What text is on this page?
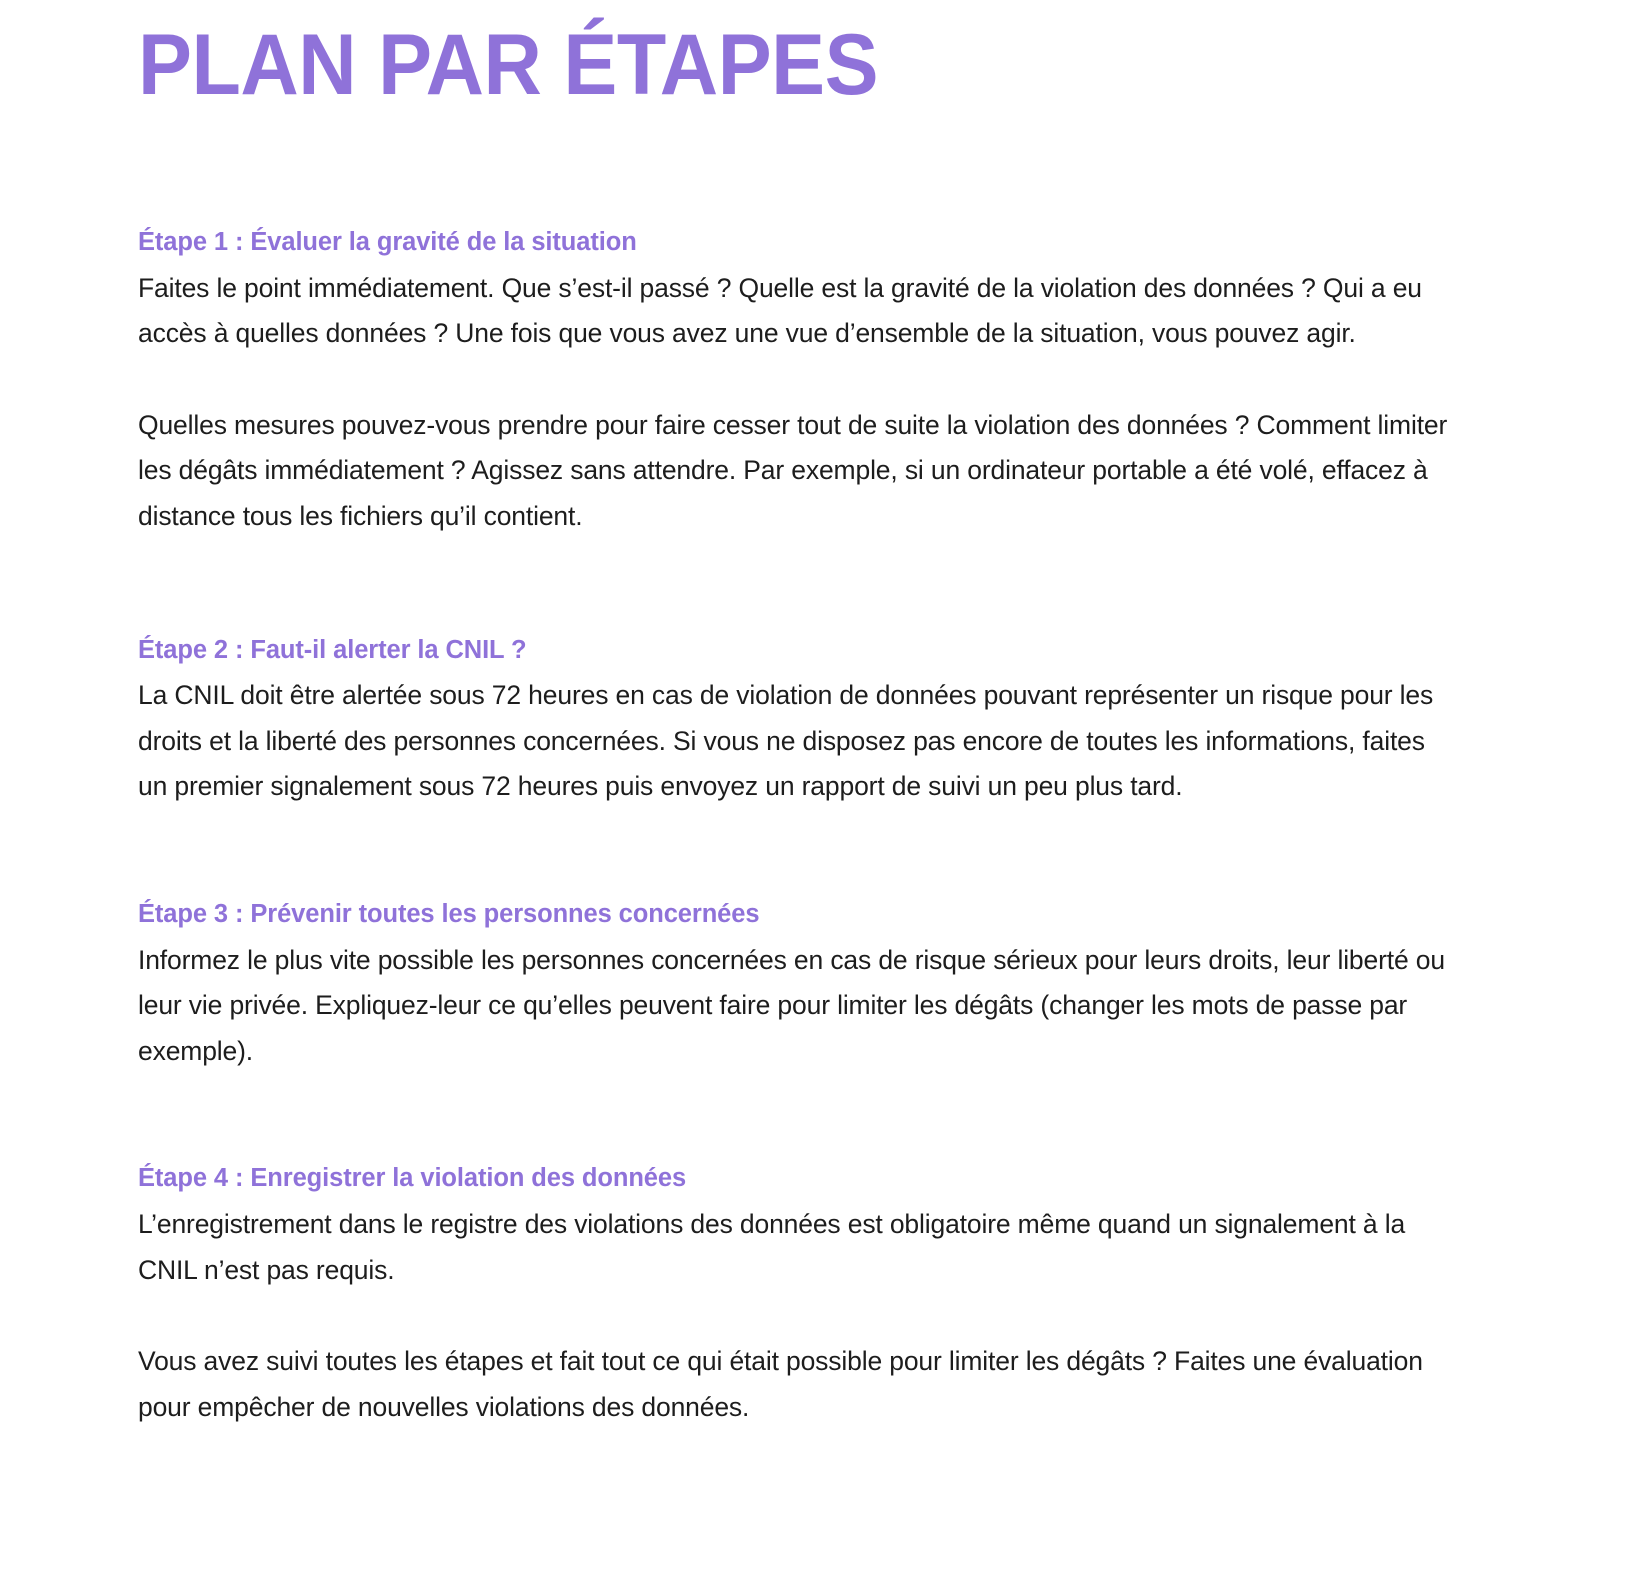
PLAN PAR ÉTAPES
Étape 1 : Évaluer la gravité de la situation

Faites le point immédiatement. Que s’est-il passé ? Quelle est la gravité de la violation des données ? Qui a eu accès à quelles données ? Une fois que vous avez une vue d’ensemble de la situation, vous pouvez agir.

Quelles mesures pouvez-vous prendre pour faire cesser tout de suite la violation des données ? Comment limiter les dégâts immédiatement ? Agissez sans attendre. Par exemple, si un ordinateur portable a été volé, effacez à distance tous les fichiers qu’il contient.

Étape 2 : Faut-il alerter la CNIL ?

La CNIL doit être alertée sous 72 heures en cas de violation de données pouvant représenter un risque pour les droits et la liberté des personnes concernées. Si vous ne disposez pas encore de toutes les informations, faites un premier signalement sous 72 heures puis envoyez un rapport de suivi un peu plus tard.

Étape 3 : Prévenir toutes les personnes concernées

Informez le plus vite possible les personnes concernées en cas de risque sérieux pour leurs droits, leur liberté ou leur vie privée. Expliquez-leur ce qu’elles peuvent faire pour limiter les dégâts (changer les mots de passe par exemple).

Étape 4 : Enregistrer la violation des données

L’enregistrement dans le registre des violations des données est obligatoire même quand un signalement à la CNIL n’est pas requis.

Vous avez suivi toutes les étapes et fait tout ce qui était possible pour limiter les dégâts ? Faites une évaluation pour empêcher de nouvelles violations des données.
